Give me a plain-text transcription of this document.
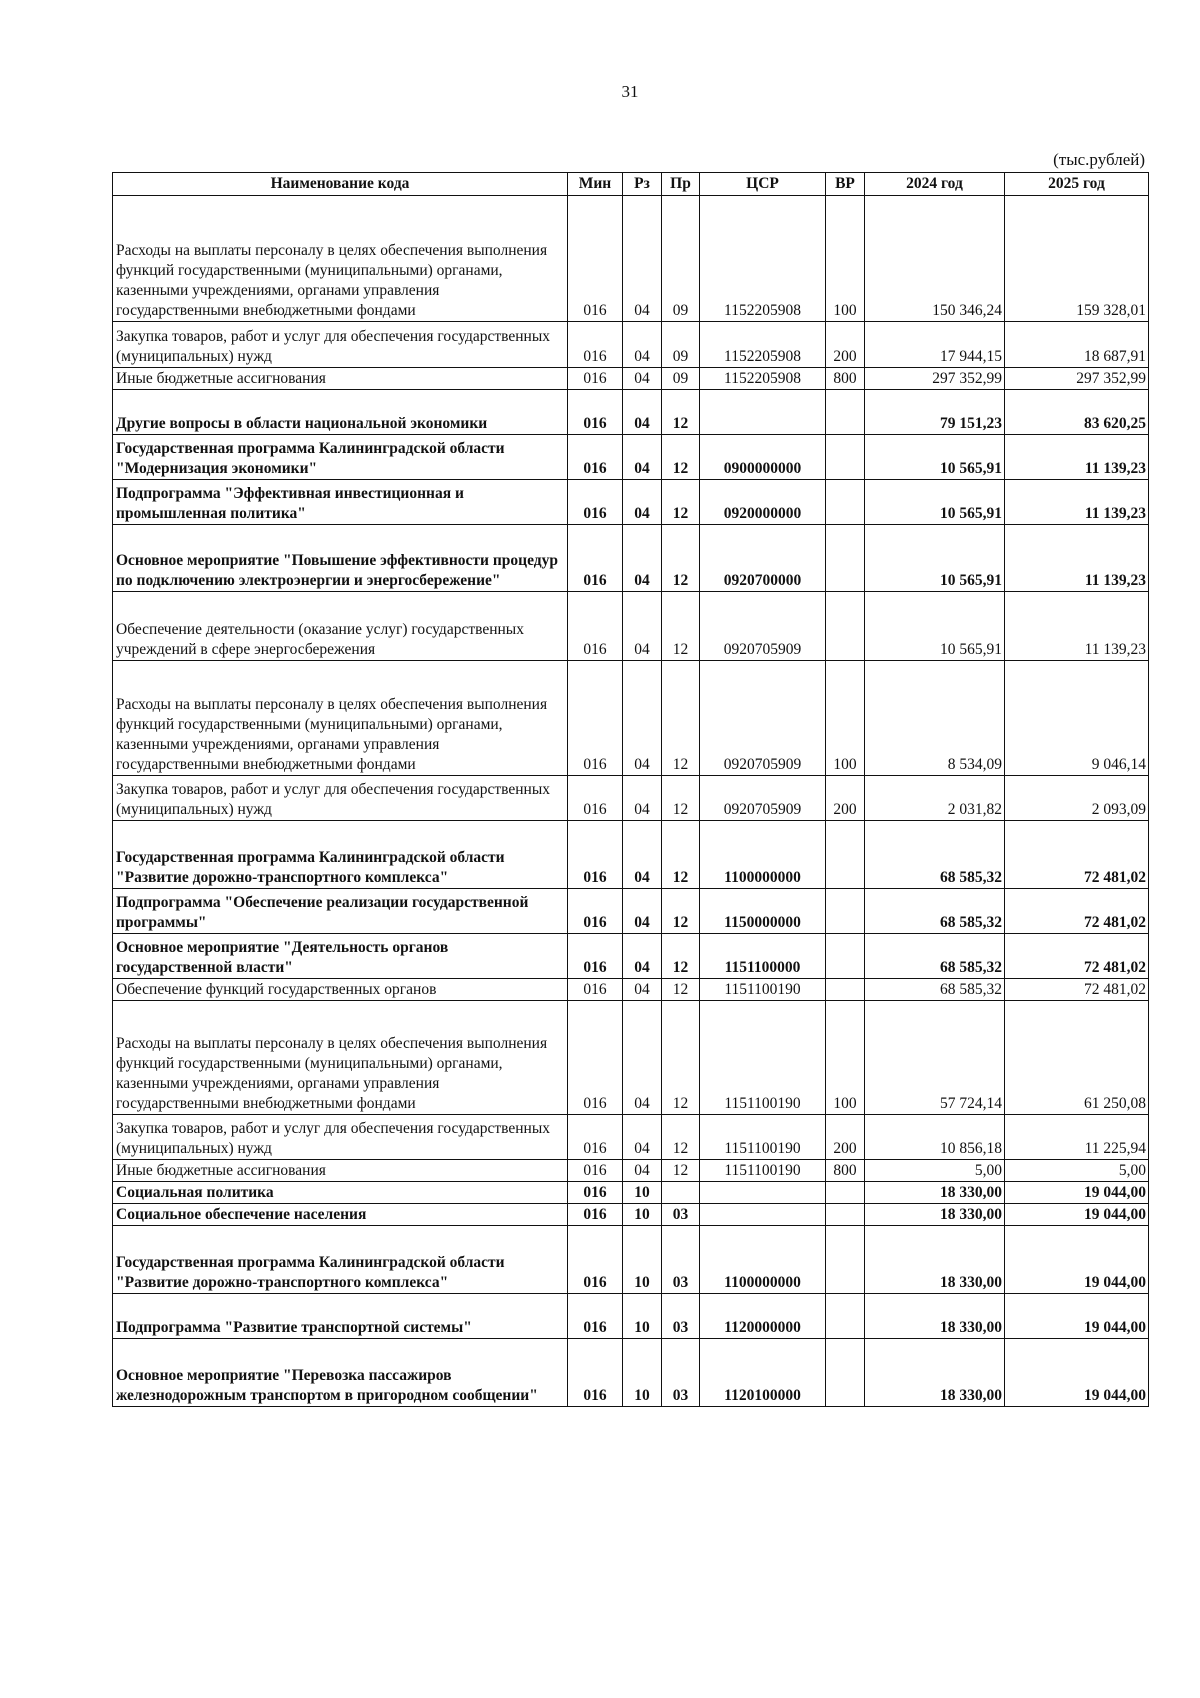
31
(тыс.рублей)
Наименование кода	Мин	Рз	Пр	ЦСР	ВР	2024 год	2025 год
Расходы на выплаты персоналу в целях обеспечения выполнения функций государственными (муниципальными) органами, казенными учреждениями, органами управления государственными внебюджетными фондами	016	04	09	1152205908	100	150 346,24	159 328,01
Закупка товаров, работ и услуг для обеспечения государственных (муниципальных) нужд	016	04	09	1152205908	200	17 944,15	18 687,91
Иные бюджетные ассигнования	016	04	09	1152205908	800	297 352,99	297 352,99
Другие вопросы в области национальной экономики	016	04	12			79 151,23	83 620,25
Государственная программа Калининградской области "Модернизация экономики"	016	04	12	0900000000		10 565,91	11 139,23
Подпрограмма "Эффективная инвестиционная и промышленная политика"	016	04	12	0920000000		10 565,91	11 139,23
Основное мероприятие "Повышение эффективности процедур по подключению электроэнергии и энергосбережение"	016	04	12	0920700000		10 565,91	11 139,23
Обеспечение деятельности (оказание услуг) государственных учреждений в сфере энергосбережения	016	04	12	0920705909		10 565,91	11 139,23
Расходы на выплаты персоналу в целях обеспечения выполнения функций государственными (муниципальными) органами, казенными учреждениями, органами управления государственными внебюджетными фондами	016	04	12	0920705909	100	8 534,09	9 046,14
Закупка товаров, работ и услуг для обеспечения государственных (муниципальных) нужд	016	04	12	0920705909	200	2 031,82	2 093,09
Государственная программа Калининградской области "Развитие дорожно-транспортного комплекса"	016	04	12	1100000000		68 585,32	72 481,02
Подпрограмма "Обеспечение реализации государственной программы"	016	04	12	1150000000		68 585,32	72 481,02
Основное мероприятие "Деятельность органов государственной власти"	016	04	12	1151100000		68 585,32	72 481,02
Обеспечение функций государственных органов	016	04	12	1151100190		68 585,32	72 481,02
Расходы на выплаты персоналу в целях обеспечения выполнения функций государственными (муниципальными) органами, казенными учреждениями, органами управления государственными внебюджетными фондами	016	04	12	1151100190	100	57 724,14	61 250,08
Закупка товаров, работ и услуг для обеспечения государственных (муниципальных) нужд	016	04	12	1151100190	200	10 856,18	11 225,94
Иные бюджетные ассигнования	016	04	12	1151100190	800	5,00	5,00
Социальная политика	016	10				18 330,00	19 044,00
Социальное обеспечение населения	016	10	03			18 330,00	19 044,00
Государственная программа Калининградской области "Развитие дорожно-транспортного комплекса"	016	10	03	1100000000		18 330,00	19 044,00
Подпрограмма "Развитие транспортной системы"	016	10	03	1120000000		18 330,00	19 044,00
Основное мероприятие "Перевозка пассажиров железнодорожным транспортом в пригородном сообщении"	016	10	03	1120100000		18 330,00	19 044,00
